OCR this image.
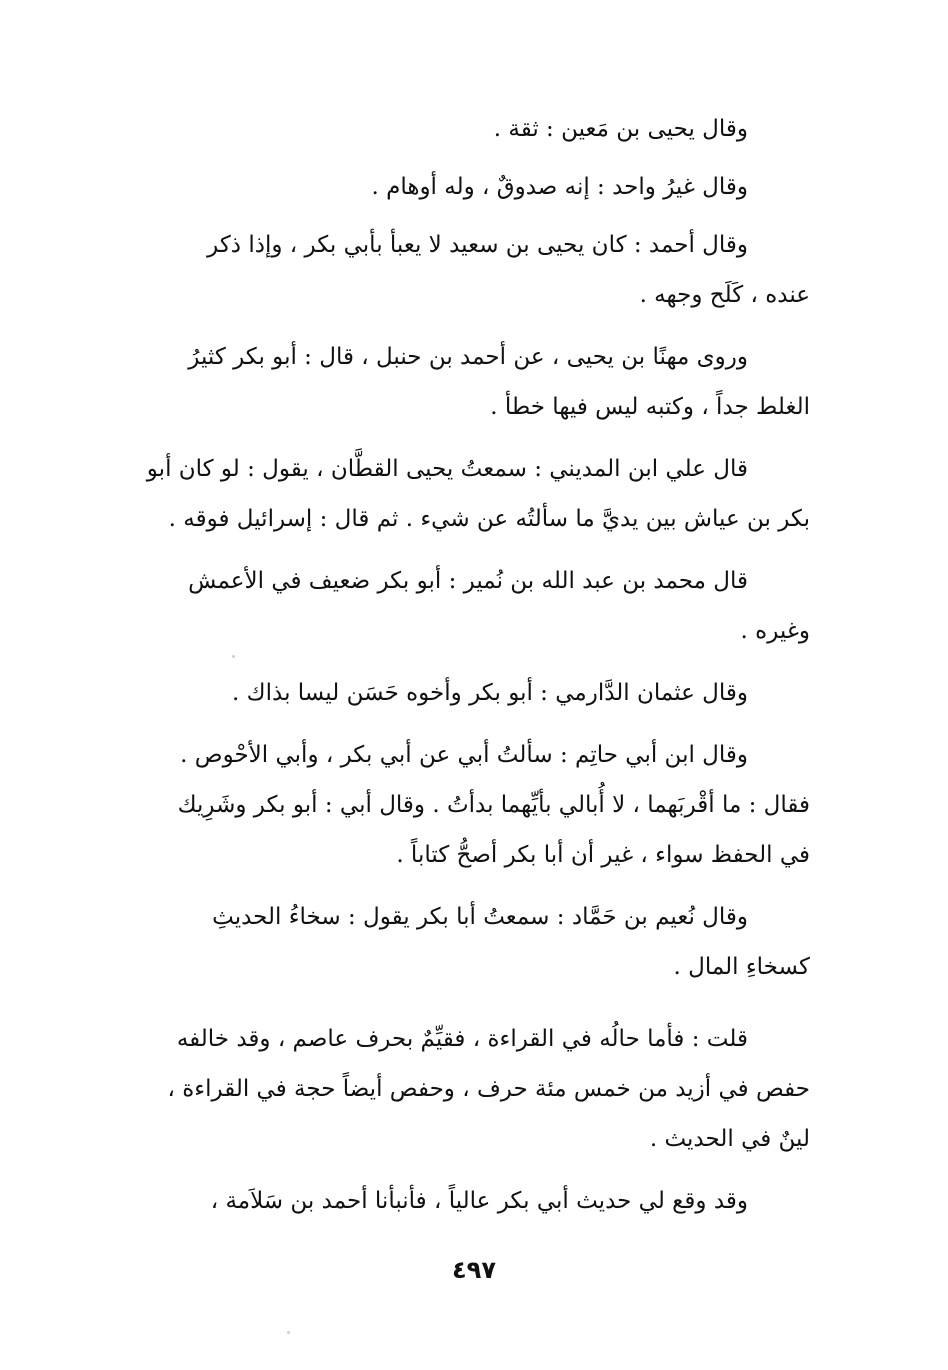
وقال يحيى بن مَعين : ثقة .

وقال غيرُ واحد : إنه صدوقٌ ، وله أوهام .

وقال أحمد : كان يحيى بن سعيد لا يعبأ بأبي بكر ، وإذا ذكر
عنده ، كَلَح وجهه .

وروى مهنًا بن يحيى ، عن أحمد بن حنبل ، قال : أبو بكر كثيرُ
الغلط جداً ، وكتبه ليس فيها خطأ .

قال علي ابن المديني : سمعتُ يحيى القطَّان ، يقول : لو كان أبو
بكر بن عياش بين يديَّ ما سألتُه عن شيء . ثم قال : إسرائيل فوقه .

قال محمد بن عبد الله بن نُمير : أبو بكر ضعيف في الأعمش
وغيره .

وقال عثمان الدَّارمي : أبو بكر وأخوه حَسَن ليسا بذاك .

وقال ابن أبي حاتِم : سألتُ أبي عن أبي بكر ، وأبي الأحْوص .
فقال : ما أقْربَهما ، لا أُبالي بأيِّهما بدأتُ . وقال أبي : أبو بكر وشَرِيك
في الحفظ سواء ، غير أن أبا بكر أصحُّ كتاباً .

وقال نُعيم بن حَمَّاد : سمعتُ أبا بكر يقول : سخاءُ الحديثِ
كسخاءِ المال .

قلت : فأما حالُه في القراءة ، فقيِّمٌ بحرف عاصم ، وقد خالفه
حفص في أزيد من خمس مئة حرف ، وحفص أيضاً حجة في القراءة ،
لينٌ في الحديث .

وقد وقع لي حديث أبي بكر عالياً ، فأنبأنا أحمد بن سَلاَمة ،

٤٩٧
